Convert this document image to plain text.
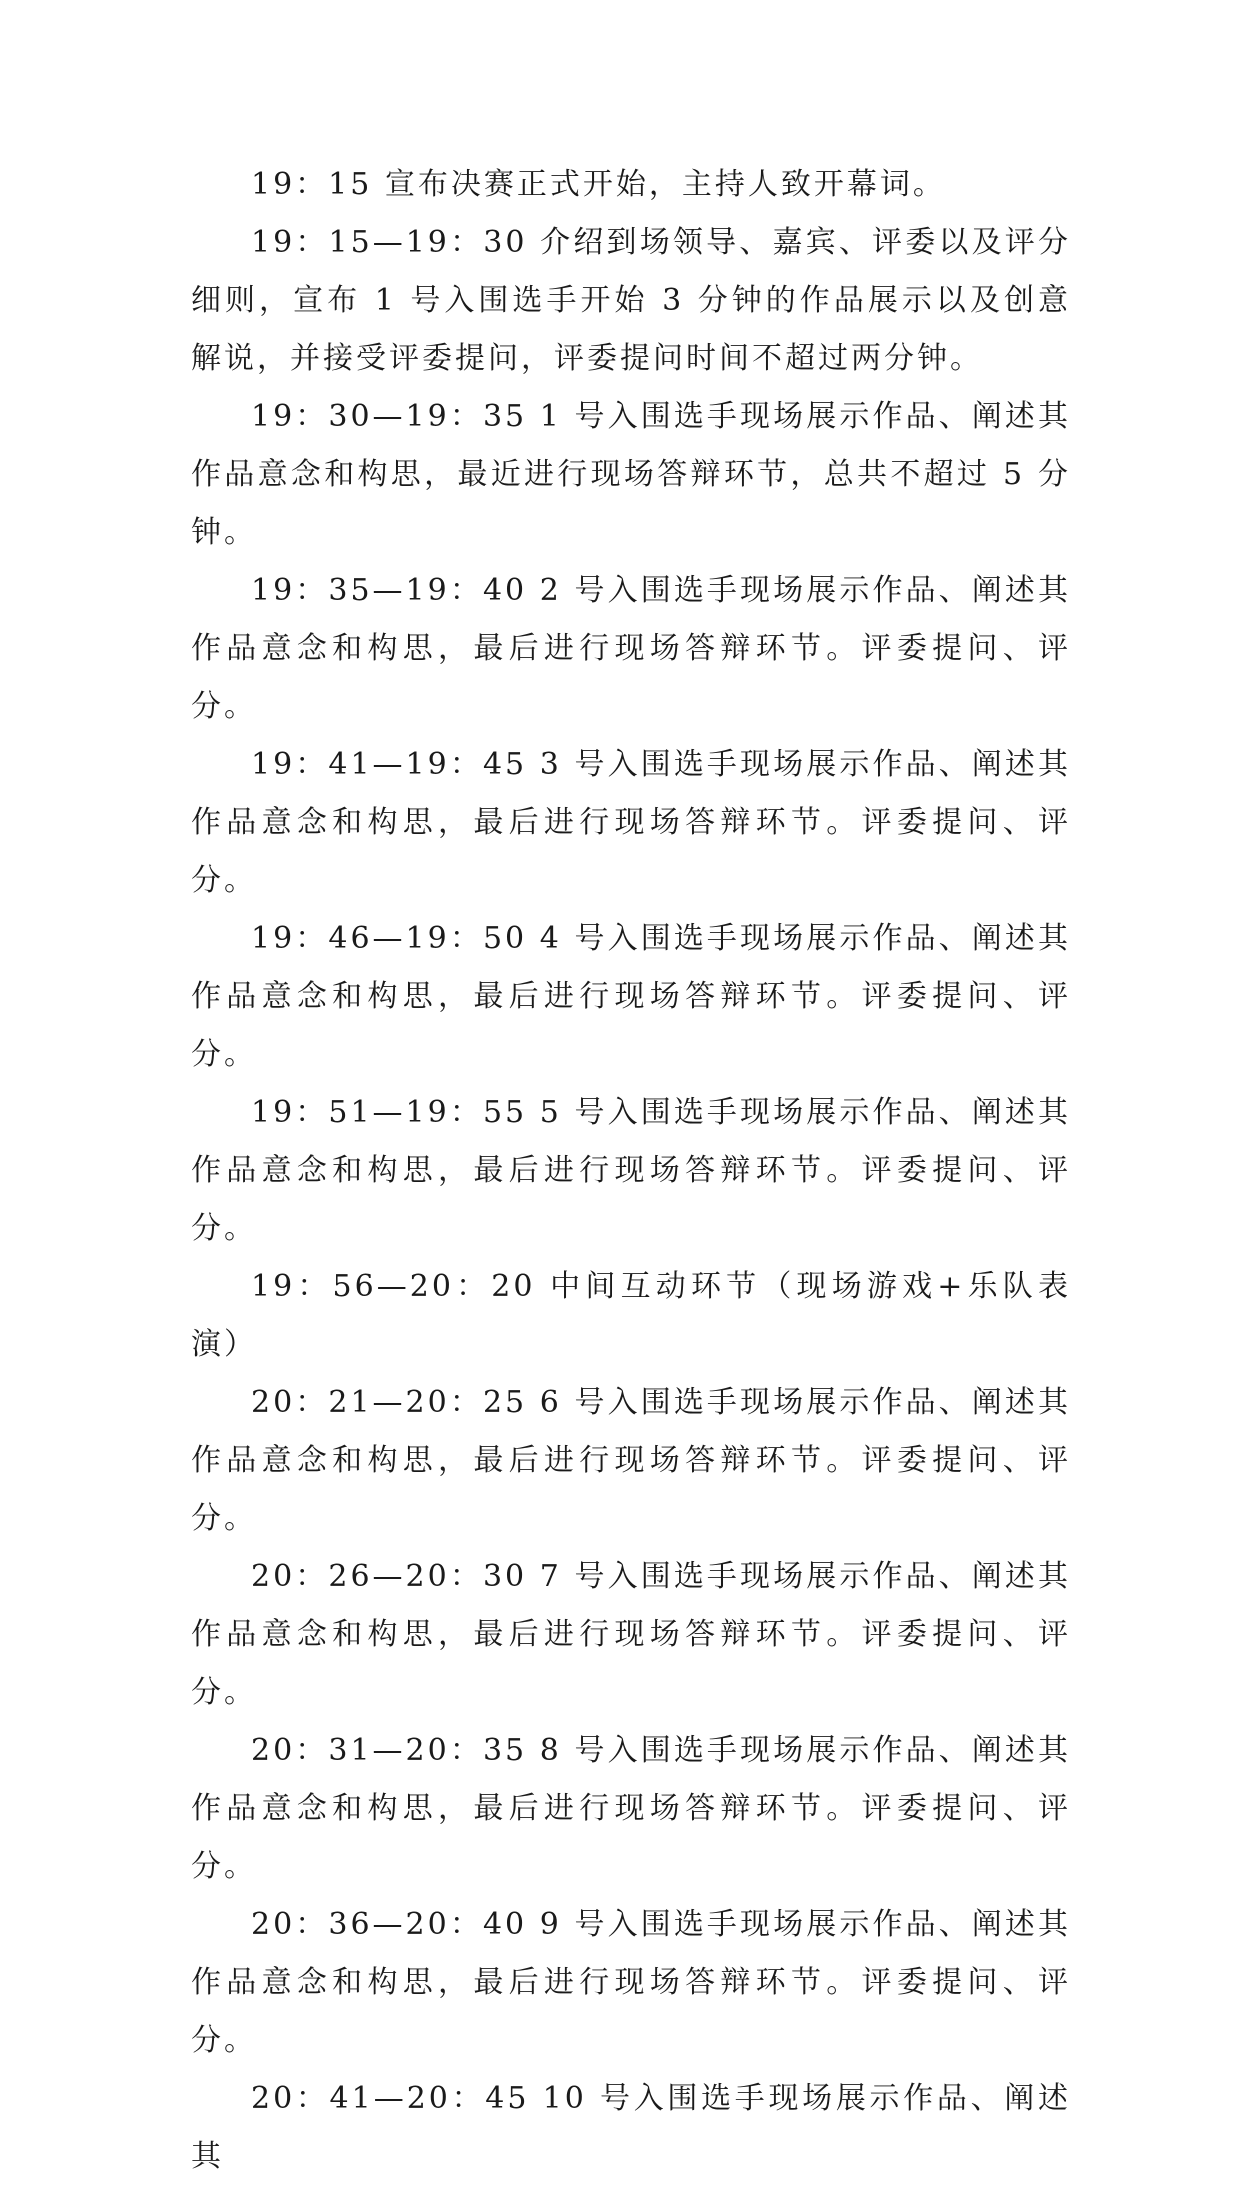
19：15 宣布决赛正式开始，主持人致开幕词。

19：15—19：30 介绍到场领导、嘉宾、评委以及评分细则，宣布 1 号入围选手开始 3 分钟的作品展示以及创意解说，并接受评委提问，评委提问时间不超过两分钟。

19：30—19：35 1 号入围选手现场展示作品、阐述其作品意念和构思，最近进行现场答辩环节，总共不超过 5 分钟。

19：35—19：40 2 号入围选手现场展示作品、阐述其作品意念和构思，最后进行现场答辩环节。评委提问、评分。

19：41—19：45 3 号入围选手现场展示作品、阐述其作品意念和构思，最后进行现场答辩环节。评委提问、评分。

19：46—19：50 4 号入围选手现场展示作品、阐述其作品意念和构思，最后进行现场答辩环节。评委提问、评分。

19：51—19：55 5 号入围选手现场展示作品、阐述其作品意念和构思，最后进行现场答辩环节。评委提问、评分。

19：56—20：20 中间互动环节（现场游戏+乐队表演）

20：21—20：25 6 号入围选手现场展示作品、阐述其作品意念和构思，最后进行现场答辩环节。评委提问、评分。

20：26—20：30 7 号入围选手现场展示作品、阐述其作品意念和构思，最后进行现场答辩环节。评委提问、评分。

20：31—20：35 8 号入围选手现场展示作品、阐述其作品意念和构思，最后进行现场答辩环节。评委提问、评分。

20：36—20：40 9 号入围选手现场展示作品、阐述其作品意念和构思，最后进行现场答辩环节。评委提问、评分。

20：41—20：45 10 号入围选手现场展示作品、阐述其
